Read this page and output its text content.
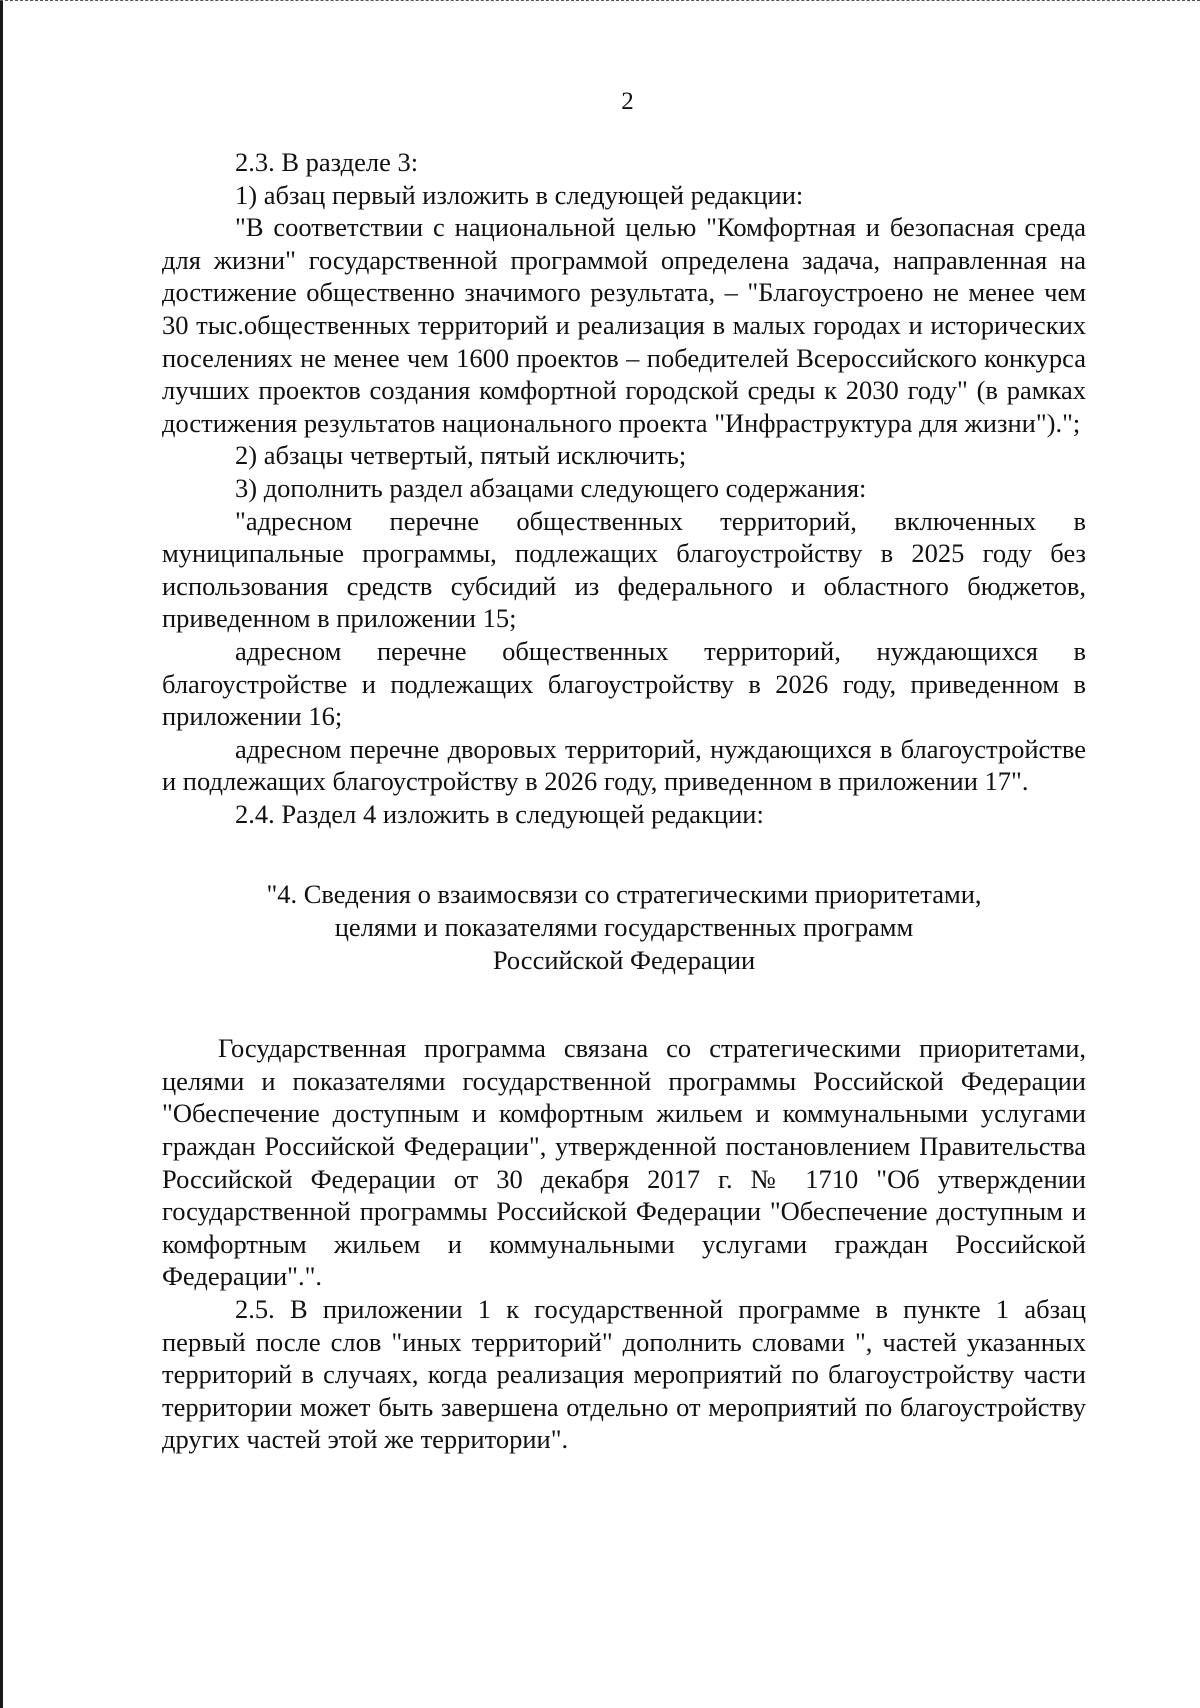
2

2.3. В разделе 3:

1) абзац первый изложить в следующей редакции:

"В соответствии с национальной целью "Комфортная и безопасная среда для жизни" государственной программой определена задача, направленная на достижение общественно значимого результата, – "Благоустроено не менее чем 30 тыс.общественных территорий и реализация в малых городах и исторических поселениях не менее чем 1600 проектов – победителей Всероссийского конкурса лучших проектов создания комфортной городской среды к 2030 году" (в рамках достижения результатов национального проекта "Инфраструктура для жизни").";

2) абзацы четвертый, пятый исключить;

3) дополнить раздел абзацами следующего содержания:

"адресном перечне общественных территорий, включенных в муниципальные программы, подлежащих благоустройству в 2025 году без использования средств субсидий из федерального и областного бюджетов, приведенном в приложении 15;

адресном перечне общественных территорий, нуждающихся в благоустройстве и подлежащих благоустройству в 2026 году, приведенном в приложении 16;

адресном перечне дворовых территорий, нуждающихся в благоустройстве и подлежащих благоустройству в 2026 году, приведенном в приложении 17".

2.4. Раздел 4 изложить в следующей редакции:

"4. Сведения о взаимосвязи со стратегическими приоритетами,
целями и показателями государственных программ
Российской Федерации

Государственная программа связана со стратегическими приоритетами, целями и показателями государственной программы Российской Федерации "Обеспечение доступным и комфортным жильем и коммунальными услугами граждан Российской Федерации", утвержденной постановлением Правительства Российской Федерации от 30 декабря 2017 г. № 1710 "Об утверждении государственной программы Российской Федерации "Обеспечение доступным и комфортным жильем и коммунальными услугами граждан Российской Федерации".".

2.5. В приложении 1 к государственной программе в пункте 1 абзац первый после слов "иных территорий" дополнить словами ", частей указанных территорий в случаях, когда реализация мероприятий по благоустройству части территории может быть завершена отдельно от мероприятий по благоустройству других частей этой же территории".
